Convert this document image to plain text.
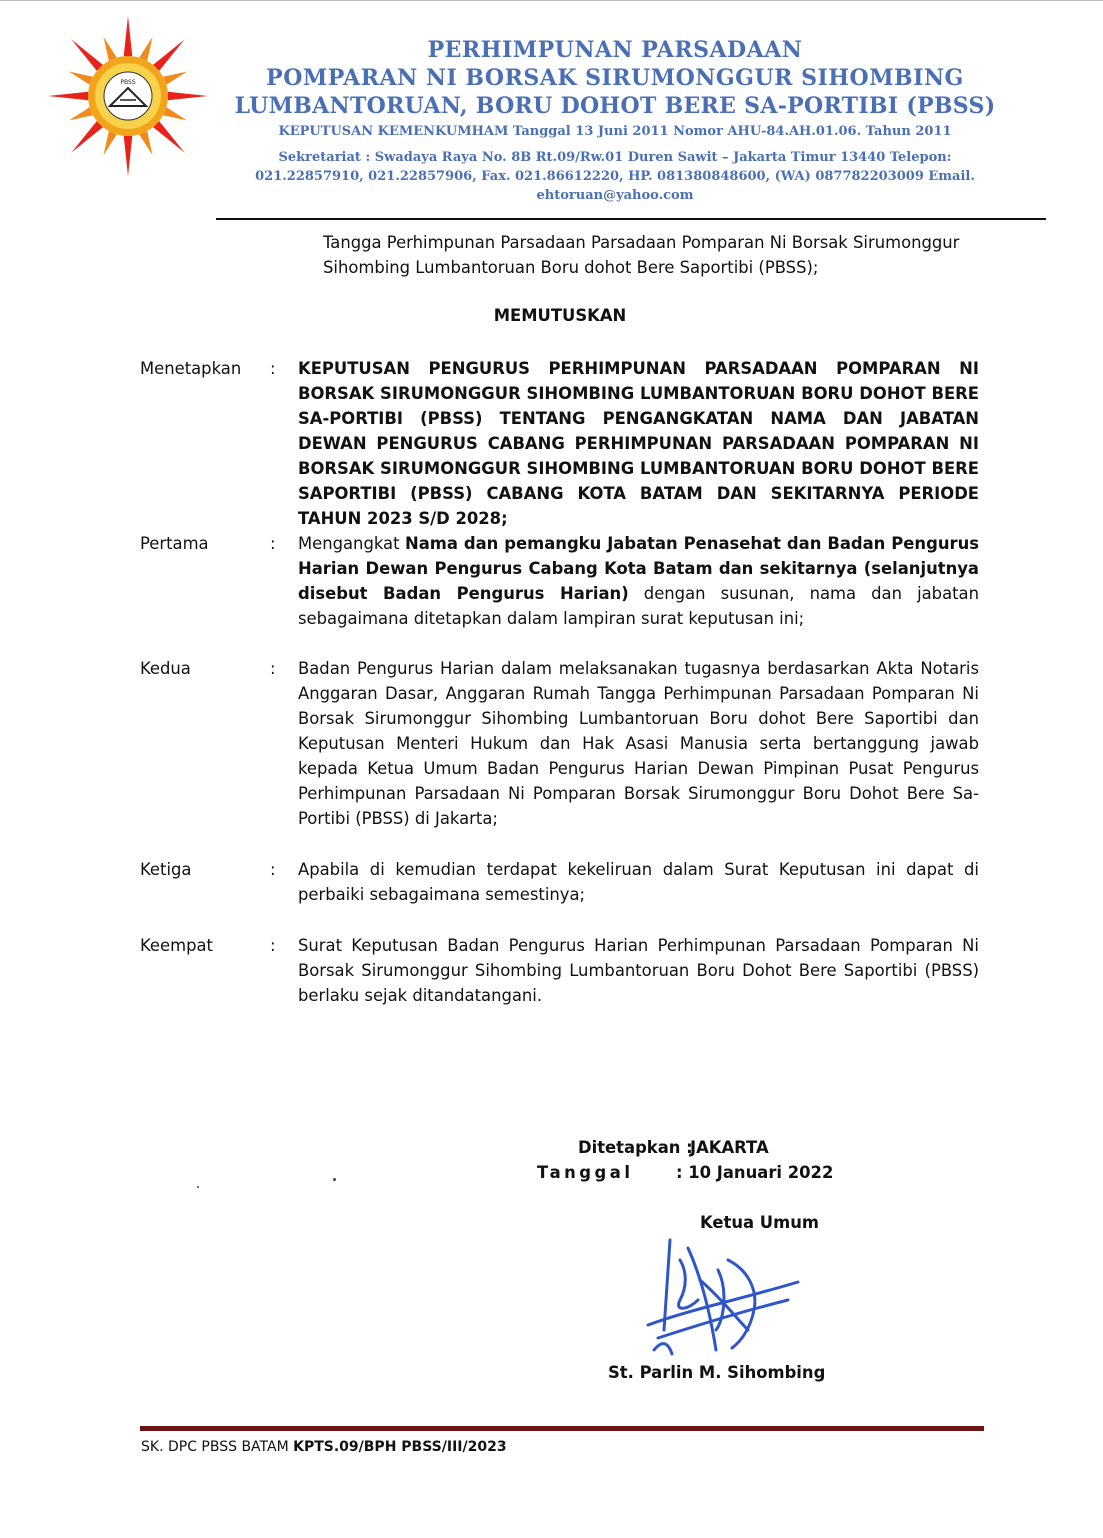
PBSS
PERHIMPUNAN PARSADAAN
POMPARAN NI BORSAK SIRUMONGGUR SIHOMBING
LUMBANTORUAN, BORU DOHOT BERE SA-PORTIBI (PBSS)
KEPUTUSAN KEMENKUMHAM Tanggal 13 Juni 2011 Nomor AHU-84.AH.01.06. Tahun 2011
Sekretariat : Swadaya Raya No. 8B Rt.09/Rw.01 Duren Sawit – Jakarta Timur 13440 Telepon:
021.22857910, 021.22857906, Fax. 021.86612220, HP. 081380848600, (WA) 087782203009 Email.
ehtoruan@yahoo.com
Tangga Perhimpunan Parsadaan Parsadaan Pomparan Ni Borsak Sirumonggur Sihombing Lumbantoruan Boru dohot Bere Saportibi (PBSS);
MEMUTUSKAN
Menetapkan : KEPUTUSAN PENGURUS PERHIMPUNAN PARSADAAN POMPARAN NI BORSAK SIRUMONGGUR SIHOMBING LUMBANTORUAN BORU DOHOT BERE SA-PORTIBI (PBSS) TENTANG PENGANGKATAN NAMA DAN JABATAN DEWAN PENGURUS CABANG PERHIMPUNAN PARSADAAN POMPARAN NI BORSAK SIRUMONGGUR SIHOMBING LUMBANTORUAN BORU DOHOT BERE SAPORTIBI (PBSS) CABANG KOTA BATAM DAN SEKITARNYA PERIODE TAHUN 2023 S/D 2028;
Pertama	: Mengangkat Nama dan pemangku Jabatan Penasehat dan Badan Pengurus Harian Dewan Pengurus Cabang Kota Batam dan sekitarnya (selanjutnya disebut Badan Pengurus Harian) dengan susunan, nama dan jabatan sebagaimana ditetapkan dalam lampiran surat keputusan ini;
Kedua	: Badan Pengurus Harian dalam melaksanakan tugasnya berdasarkan Akta Notaris Anggaran Dasar, Anggaran Rumah Tangga Perhimpunan Parsadaan Pomparan Ni Borsak Sirumonggur Sihombing Lumbantoruan Boru dohot Bere Saportibi dan Keputusan Menteri Hukum dan Hak Asasi Manusia serta bertanggung jawab kepada Ketua Umum Badan Pengurus Harian Dewan Pimpinan Pusat Pengurus Perhimpunan Parsadaan Ni Pomparan Borsak Sirumonggur Boru Dohot Bere Sa-Portibi (PBSS) di Jakarta;
Ketiga	: Apabila di kemudian terdapat kekeliruan dalam Surat Keputusan ini dapat di perbaiki sebagaimana semestinya;
Keempat	: Surat Keputusan Badan Pengurus Harian Perhimpunan Parsadaan Pomparan Ni Borsak Sirumonggur Sihombing Lumbantoruan Boru Dohot Bere Saportibi (PBSS) berlaku sejak ditandatangani.
Ditetapkan :
JAKARTA
Tanggal	: 10 Januari 2022
Ketua Umum
St. Parlin M. Sihombing
SK. DPC PBSS BATAM KPTS.09/BPH PBSS/III/2023
